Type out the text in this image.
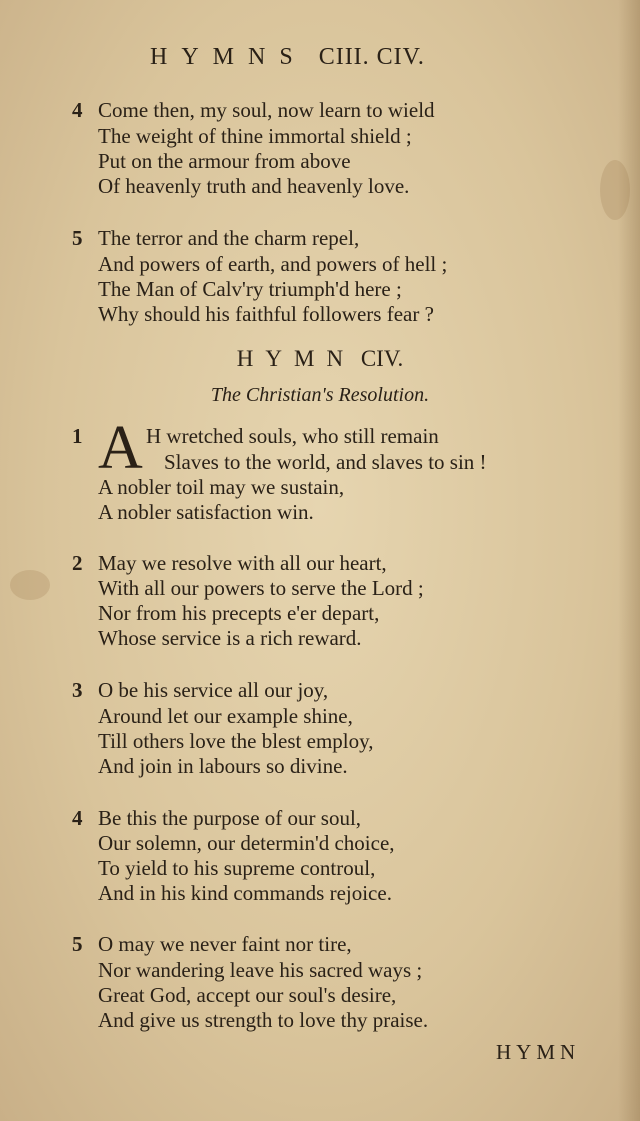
HYMNS CIII. CIV.
4 Come then, my soul, now learn to wield
The weight of thine immortal shield ;
Put on the armour from above
Of heavenly truth and heavenly love.
5 The terror and the charm repel,
And powers of earth, and powers of hell ;
The Man of Calv'ry triumph'd here ;
Why should his faithful followers fear ?
HYMN CIV.
The Christian's Resolution.
1 A H wretched souls, who still remain
Slaves to the world, and slaves to sin !
A nobler toil may we sustain,
A nobler satisfaction win.
2 May we resolve with all our heart,
With all our powers to serve the Lord ;
Nor from his precepts e'er depart,
Whose service is a rich reward.
3 O be his service all our joy,
Around let our example shine,
Till others love the blest employ,
And join in labours so divine.
4 Be this the purpose of our soul,
Our solemn, our determin'd choice,
To yield to his supreme controul,
And in his kind commands rejoice.
5 O may we never faint nor tire,
Nor wandering leave his sacred ways ;
Great God, accept our soul's desire,
And give us strength to love thy praise.
HYMN
